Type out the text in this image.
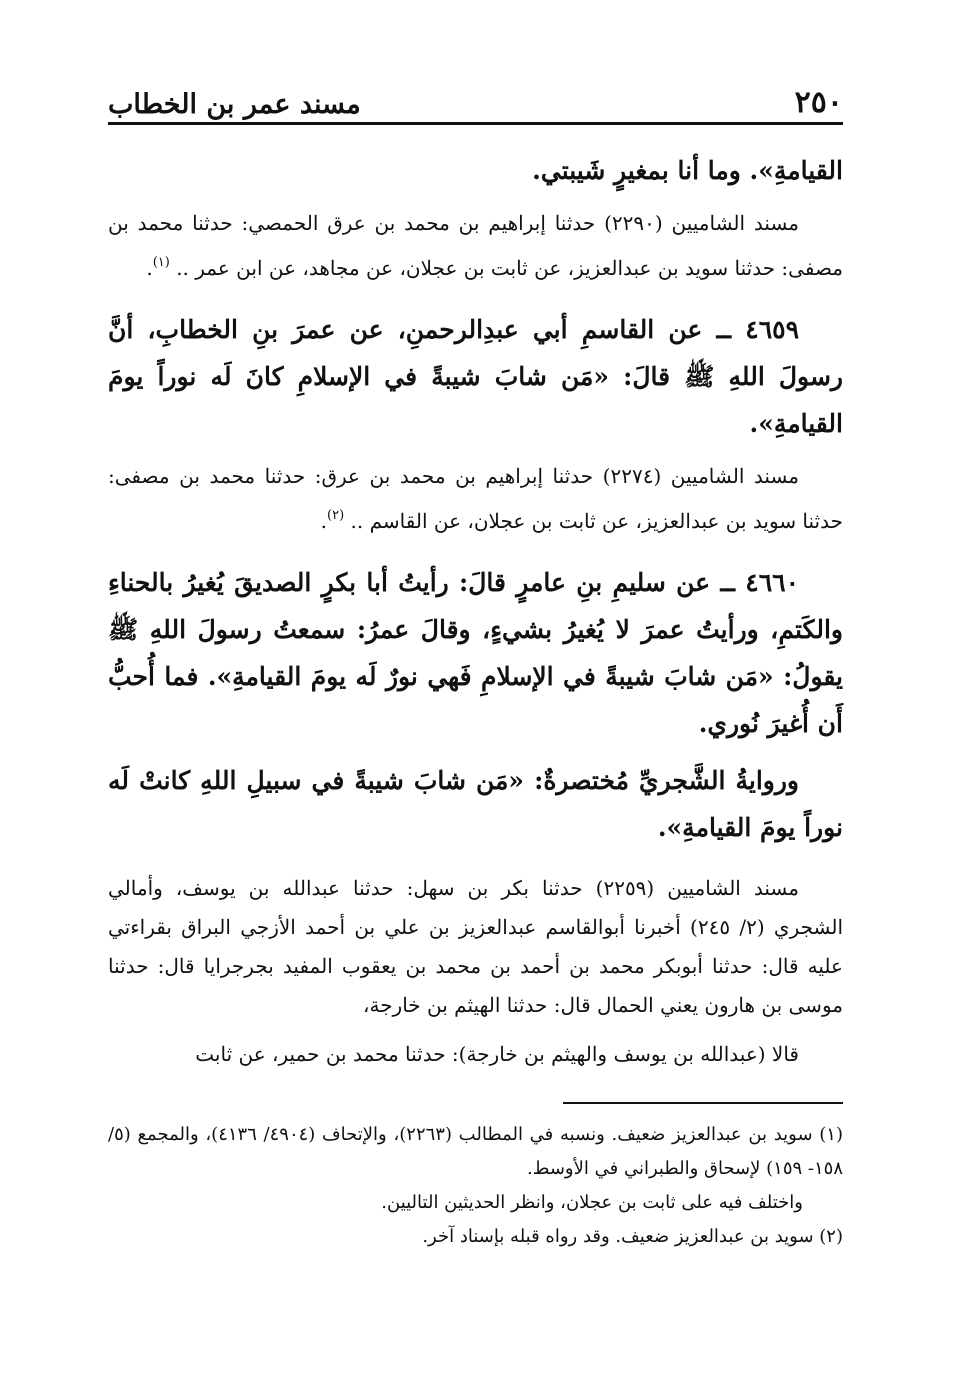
٢٥٠
مسند عمر بن الخطاب

القيامةِ». وما أنا بمغيرٍ شَيبتي.

مسند الشاميين (٢٢٩٠) حدثنا إبراهيم بن محمد بن عرق الحمصي: حدثنا محمد بن مصفى: حدثنا سويد بن عبدالعزيز، عن ثابت بن عجلان، عن مجاهد، عن ابن عمر .. $^{(١)}$.

٤٦٥٩ ــ عن القاسمِ أبي عبدِالرحمنِ، عن عمرَ بنِ الخطابِ، أنَّ رسولَ اللهِ ﷺ قالَ: «مَن شابَ شيبةً في الإسلامِ كانَ لَه نوراً يومَ القيامةِ».

مسند الشاميين (٢٢٧٤) حدثنا إبراهيم بن محمد بن عرق: حدثنا محمد بن مصفى: حدثنا سويد بن عبدالعزيز، عن ثابت بن عجلان، عن القاسم .. $^{(٢)}$.

٤٦٦٠ ــ عن سليمِ بنِ عامرٍ قالَ: رأيتُ أبا بكرٍ الصديقَ يُغيرُ بالحناءِ والكَتمِ، ورأيتُ عمرَ لا يُغيرُ بشيءٍ، وقالَ عمرُ: سمعتُ رسولَ اللهِ ﷺ يقولُ: «مَن شابَ شيبةً في الإسلامِ فَهي نورٌ لَه يومَ القيامةِ». فما أُحبُّ أَن أُغيرَ نُوري.

وروايةُ الشَّجريِّ مُختصرةٌ: «مَن شابَ شيبةً في سبيلِ اللهِ كانتْ لَه نوراً يومَ القيامةِ».

مسند الشاميين (٢٢٥٩) حدثنا بكر بن سهل: حدثنا عبدالله بن يوسف، وأمالي الشجري (٢/ ٢٤٥) أخبرنا أبوالقاسم عبدالعزيز بن علي بن أحمد الأزجي البراق بقراءتي عليه قال: حدثنا أبوبكر محمد بن أحمد بن محمد بن يعقوب المفيد بجرجرايا قال: حدثنا موسى بن هارون يعني الحمال قال: حدثنا الهيثم بن خارجة،

قالا (عبدالله بن يوسف والهيثم بن خارجة): حدثنا محمد بن حمير، عن ثابت

(١) سويد بن عبدالعزيز ضعيف. ونسبه في المطالب (٢٢٦٣)، والإتحاف (٤٩٠٤/ ٤١٣٦)، والمجمع (٥/ ١٥٨- ١٥٩) لإسحاق والطبراني في الأوسط.

واختلف فيه على ثابت بن عجلان، وانظر الحديثين التاليين.

(٢) سويد بن عبدالعزيز ضعيف. وقد رواه قبله بإسناد آخر.
